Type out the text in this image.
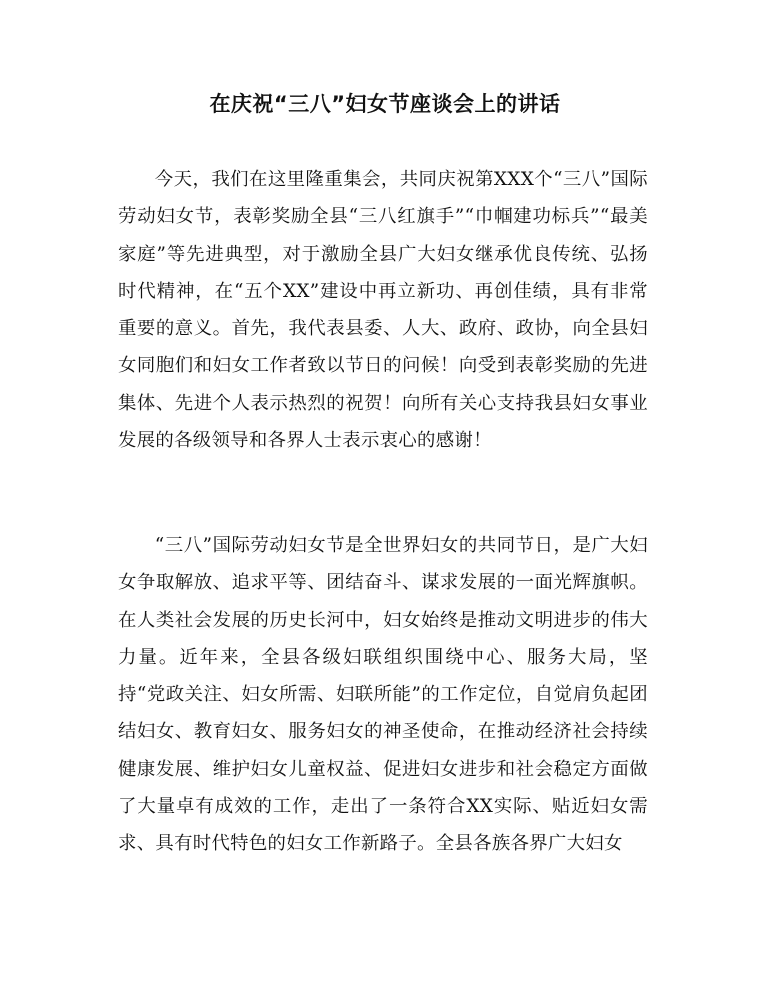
在庆祝“三八”妇女节座谈会上的讲话

今天，我们在这里隆重集会，共同庆祝第XXX个“三八”国际劳动妇女节，表彰奖励全县“三八红旗手”“巾帼建功标兵”“最美家庭”等先进典型，对于激励全县广大妇女继承优良传统、弘扬时代精神，在“五个XX”建设中再立新功、再创佳绩，具有非常重要的意义。首先，我代表县委、人大、政府、政协，向全县妇女同胞们和妇女工作者致以节日的问候！向受到表彰奖励的先进集体、先进个人表示热烈的祝贺！向所有关心支持我县妇女事业发展的各级领导和各界人士表示衷心的感谢！

“三八”国际劳动妇女节是全世界妇女的共同节日，是广大妇女争取解放、追求平等、团结奋斗、谋求发展的一面光辉旗帜。在人类社会发展的历史长河中，妇女始终是推动文明进步的伟大力量。近年来，全县各级妇联组织围绕中心、服务大局，坚持“党政关注、妇女所需、妇联所能”的工作定位，自觉肩负起团结妇女、教育妇女、服务妇女的神圣使命，在推动经济社会持续健康发展、维护妇女儿童权益、促进妇女进步和社会稳定方面做了大量卓有成效的工作，走出了一条符合XX实际、贴近妇女需求、具有时代特色的妇女工作新路子。全县各族各界广大妇女
